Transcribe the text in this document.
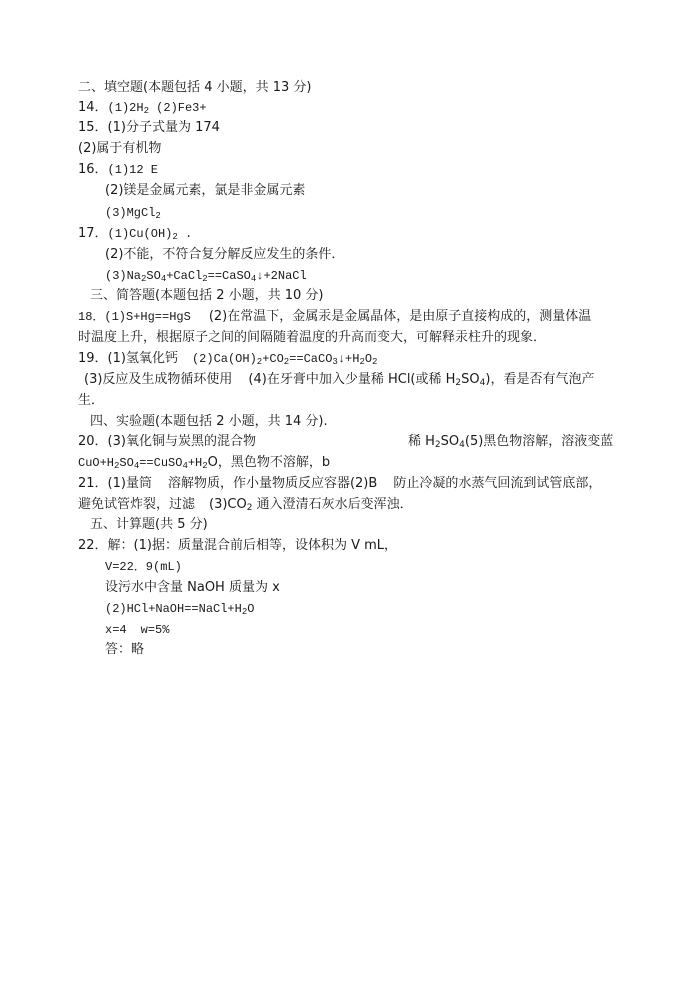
二、填空题(本题包括 4 小题，共 13 分)
14．$(1)2H_2$ (2)Fe3+
15．(1)分子式量为 174
(2)属于有机物
16．(1)12 E
(2)镁是金属元素，氯是非金属元素
(3)MgCl$_2$
17．$(1)Cu(OH)_2$ .
(2)不能，不符合复分解反应发生的条件．
$(3)Na_2SO_4+CaCl_2==CaSO_4↓+2NaCl$
三、简答题(本题包括 2 小题，共 10 分)
18．(1)S+Hg==HgS (2)在常温下，金属汞是金属晶体，是由原子直接构成的，测量体温
时温度上升，根据原子之间的间隔随着温度的升高而变大，可解释汞柱升的现象．
19．(1)氢氧化钙 $(2)Ca(OH)_2+CO_2==CaCO_3↓+H_2O_2$
(3)反应及生成物循环使用 (4)在牙膏中加入少量稀 HCl(或稀 $H_2SO_4$)，看是否有气泡产
生．
四、实验题(本题包括 2 小题，共 14 分).
20．(3)氧化铜与炭黑的混合物	稀 $H_2SO_4(5)$黑色物溶解，溶液变蓝
$CuO+H_2SO_4==CuSO_4+H_2O$，黑色物不溶解，b
21．(1)量筒 溶解物质，作小量物质反应容器(2)B 防止冷凝的水蒸气回流到试管底部，
避免试管炸裂，过滤 $(3)CO_2$ 通入澄清石灰水后变浑浊．
五、计算题(共 5 分)
22．解：(1)据：质量混合前后相等，设体积为 V mL，
V=22．9(mL)
设污水中含量 NaOH 质量为 x
$(2)HCl+NaOH==NaCl+H_2O$
x=4 w=5%
答：略
